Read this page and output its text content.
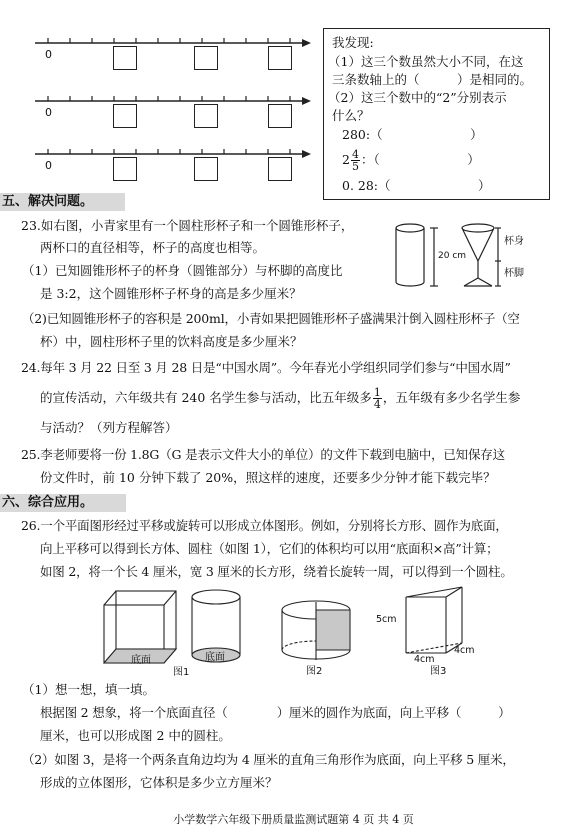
0
0
0
我发现:
（1）这三个数虽然大小不同，在这
三条数轴上的（　　　）是相同的。
（2）这三个数中的“2”分别表示
什么？
280:（　　　　　　　）
$2 \frac{4}{5}$ ：（　　　　　　　）
0. 28:（　　　　　　　）
五、解决问题。
23.如右图，小青家里有一个圆柱形杯子和一个圆锥形杯子，
两杯口的直径相等，杯子的高度也相等。
（1）已知圆锥形杯子的杯身（圆锥部分）与杯脚的高度比
是 3:2，这个圆锥形杯子杯身的高是多少厘米？
（2)已知圆锥形杯子的容积是 200ml，小青如果把圆锥形杯子盛满果汁倒入圆柱形杯子（空
杯）中，圆柱形杯子里的饮料高度是多少厘米？
20 cm
杯身
杯脚
24.每年 3 月 22 日至 3 月 28 日是“中国水周”。今年春光小学组织同学们参与“中国水周”
的宣传活动，六年级共有 240 名学生参与活动，比五年级多 $\frac{1}{4}$ ，五年级有多少名学生参
与活动？（列方程解答）
25.李老师要将一份 1.8G（G 是表示文件大小的单位）的文件下载到电脑中，已知保存这
份文件时，前 10 分钟下载了 20%，照这样的速度，还要多少分钟才能下载完毕？
六、综合应用。
26.一个平面图形经过平移或旋转可以形成立体图形。例如，分别将长方形、圆作为底面，
向上平移可以得到长方体、圆柱（如图 1），它们的体积均可以用“底面积×高”计算；
如图 2，将一个长 4 厘米，宽 3 厘米的长方形，绕着长旋转一周，可以得到一个圆柱。
底面	底面
图1	图2
5cm
4cm
4cm
图3
（1）想一想，填一填。
根据图 2 想象，将一个底面直径（　　　　）厘米的圆作为底面，向上平移（　　　）
厘米，也可以形成图 2 中的圆柱。
（2）如图 3，是将一个两条直角边均为 4 厘米的直角三角形作为底面，向上平移 5 厘米，
形成的立体图形，它体积是多少立方厘米？
小学数学六年级下册质量监测试题第 4 页 共 4 页
